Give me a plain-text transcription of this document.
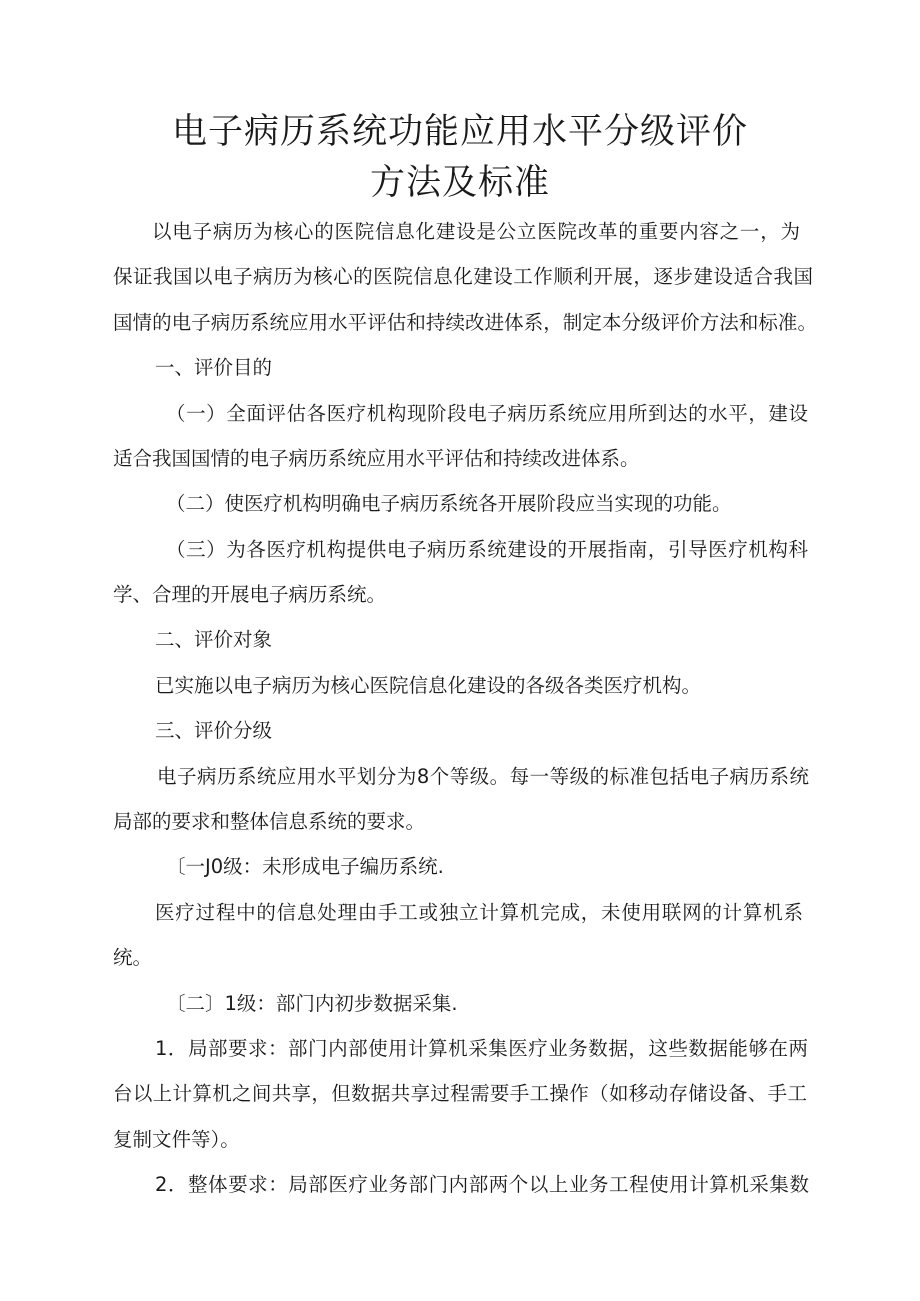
电子病历系统功能应用水平分级评价
方法及标准

以电子病历为核心的医院信息化建设是公立医院改革的重要内容之一，为

保证我国以电子病历为核心的医院信息化建设工作顺利开展，逐步建设适合我国

国情的电子病历系统应用水平评估和持续改进体系，制定本分级评价方法和标准。

一、评价目的

（一）全面评估各医疗机构现阶段电子病历系统应用所到达的水平，建设

适合我国国情的电子病历系统应用水平评估和持续改进体系。

（二）使医疗机构明确电子病历系统各开展阶段应当实现的功能。

（三）为各医疗机构提供电子病历系统建设的开展指南，引导医疗机构科

学、合理的开展电子病历系统。

二、评价对象

已实施以电子病历为核心医院信息化建设的各级各类医疗机构。

三、评价分级

电子病历系统应用水平划分为8个等级。每一等级的标准包括电子病历系统

局部的要求和整体信息系统的要求。

〔一J0级：未形成电子编历系统.

医疗过程中的信息处理由手工或独立计算机完成，未使用联网的计算机系

统。

〔二〕1级：部门内初步数据采集.

1．局部要求：部门内部使用计算机采集医疗业务数据，这些数据能够在两

台以上计算机之间共享，但数据共享过程需要手工操作（如移动存储设备、手工

复制文件等）。

2．整体要求：局部医疗业务部门内部两个以上业务工程使用计算机采集数
